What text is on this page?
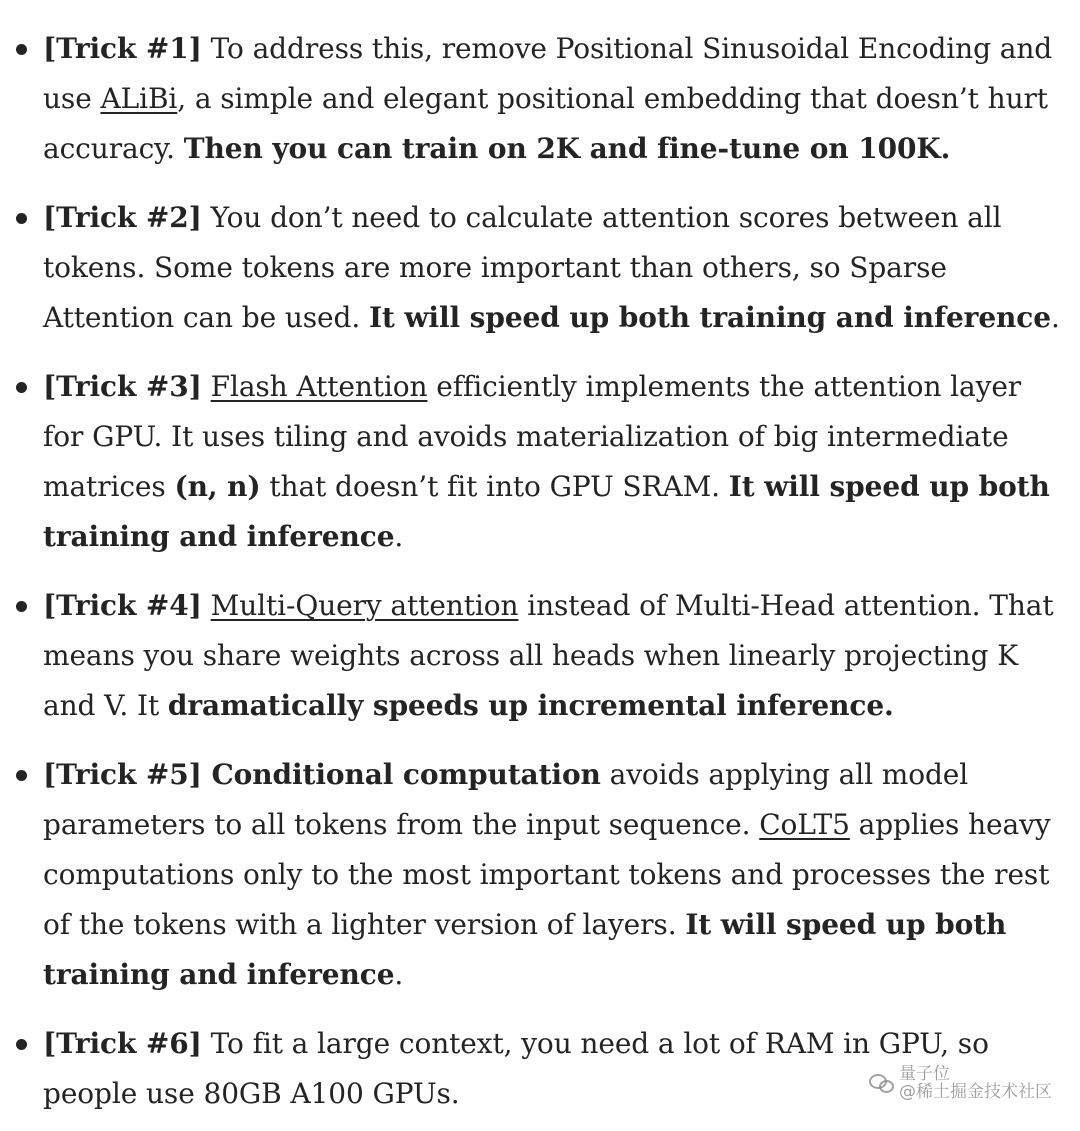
[Trick #1] To address this, remove Positional Sinusoidal Encoding and use ALiBi, a simple and elegant positional embedding that doesn’t hurt accuracy. Then you can train on 2K and fine-tune on 100K.
[Trick #2] You don’t need to calculate attention scores between all tokens. Some tokens are more important than others, so Sparse Attention can be used. It will speed up both training and inference.
[Trick #3] Flash Attention efficiently implements the attention layer for GPU. It uses tiling and avoids materialization of big intermediate matrices (n, n) that doesn’t fit into GPU SRAM. It will speed up both training and inference.
[Trick #4] Multi-Query attention instead of Multi-Head attention. That means you share weights across all heads when linearly projecting K and V. It dramatically speeds up incremental inference.
[Trick #5] Conditional computation avoids applying all model parameters to all tokens from the input sequence. CoLT5 applies heavy computations only to the most important tokens and processes the rest of the tokens with a lighter version of layers. It will speed up both training and inference.
[Trick #6] To fit a large context, you need a lot of RAM in GPU, so people use 80GB A100 GPUs.
量子位
@稀土掘金技术社区
